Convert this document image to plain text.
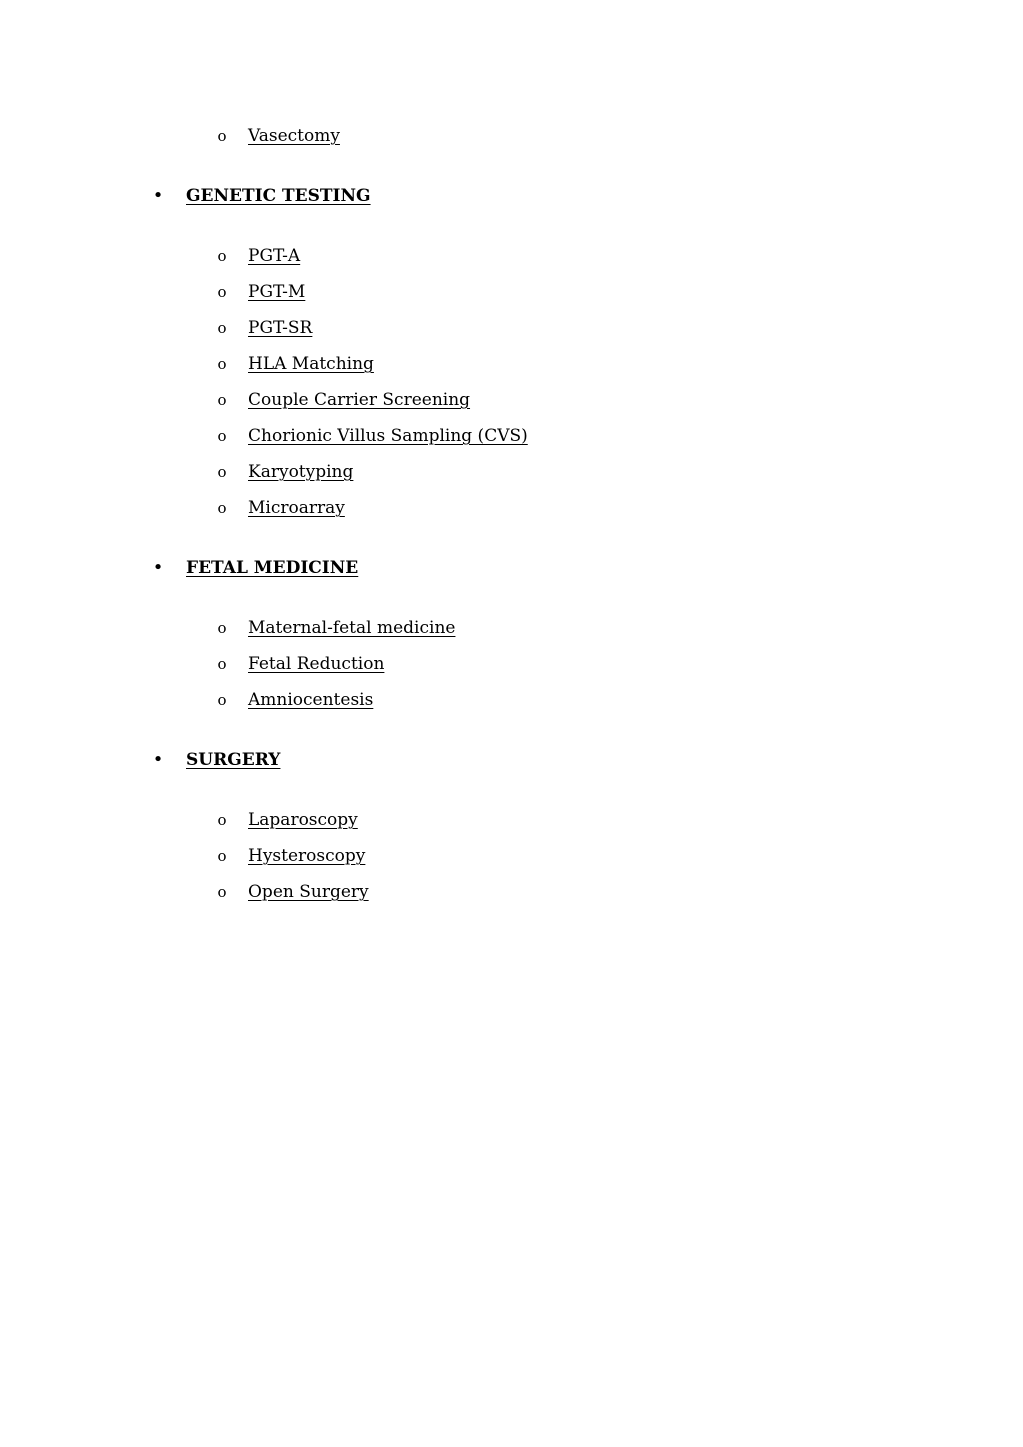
o Vasectomy
• GENETIC TESTING
o PGT-A
o PGT-M
o PGT-SR
o HLA Matching
o Couple Carrier Screening
o Chorionic Villus Sampling (CVS)
o Karyotyping
o Microarray
• FETAL MEDICINE
o Maternal-fetal medicine
o Fetal Reduction
o Amniocentesis
• SURGERY
o Laparoscopy
o Hysteroscopy
o Open Surgery
